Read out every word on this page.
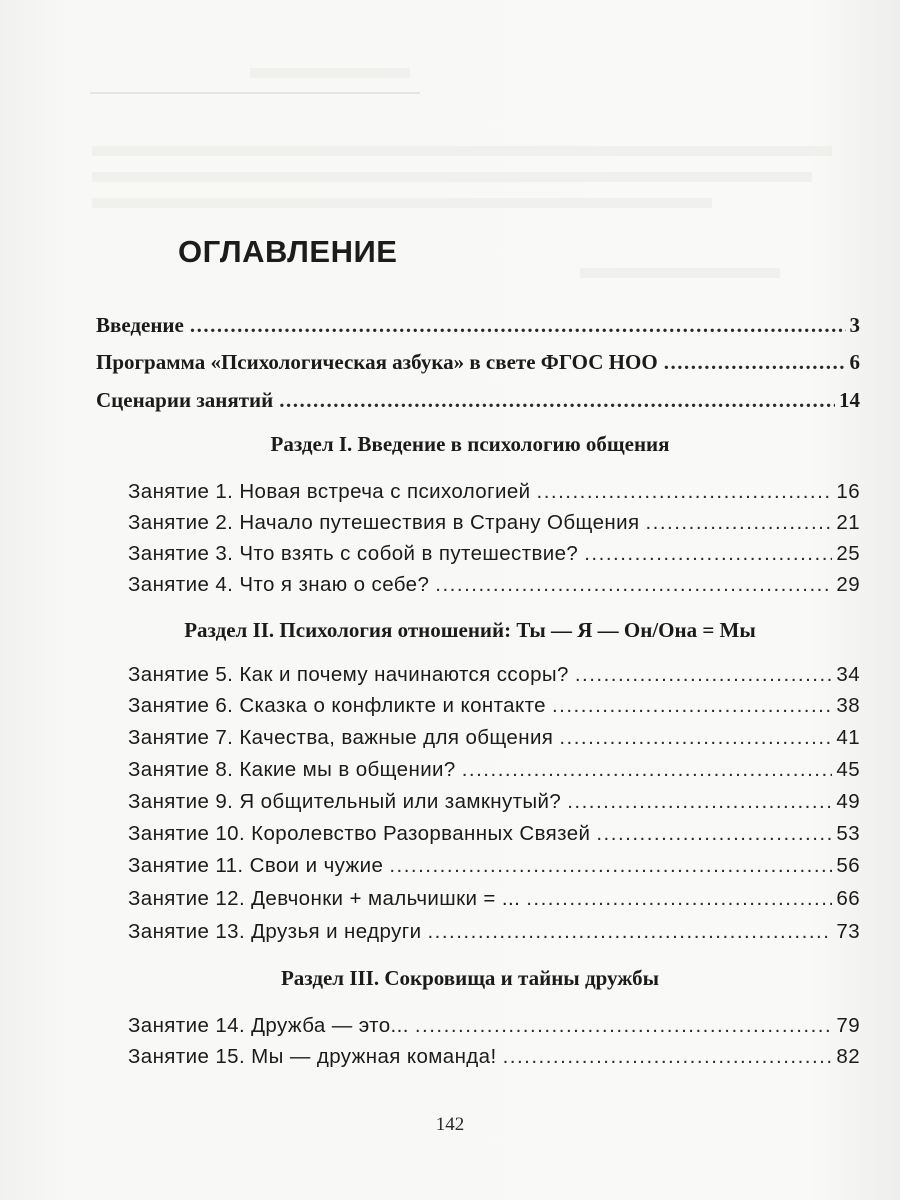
ОГЛАВЛЕНИЕ
Введение .....	3
Программа «Психологическая азбука» в свете ФГОС НОО .....	6
Сценарии занятий .....	14
Раздел I. Введение в психологию общения
Занятие 1. Новая встреча с психологией .....	16
Занятие 2. Начало путешествия в Страну Общения .....	21
Занятие 3. Что взять с собой в путешествие? .....	25
Занятие 4. Что я знаю о себе? .....	29
Раздел II. Психология отношений: Ты — Я — Он/Она = Мы
Занятие 5. Как и почему начинаются ссоры? .....	34
Занятие 6. Сказка о конфликте и контакте .....	38
Занятие 7. Качества, важные для общения .....	41
Занятие 8. Какие мы в общении? .....	45
Занятие 9. Я общительный или замкнутый? .....	49
Занятие 10. Королевство Разорванных Связей .....	53
Занятие 11. Свои и чужие .....	56
Занятие 12. Девчонки + мальчишки = ... .....	66
Занятие 13. Друзья и недруги .....	73
Раздел III. Сокровища и тайны дружбы
Занятие 14. Дружба — это... .....	79
Занятие 15. Мы — дружная команда! .....	82
142
